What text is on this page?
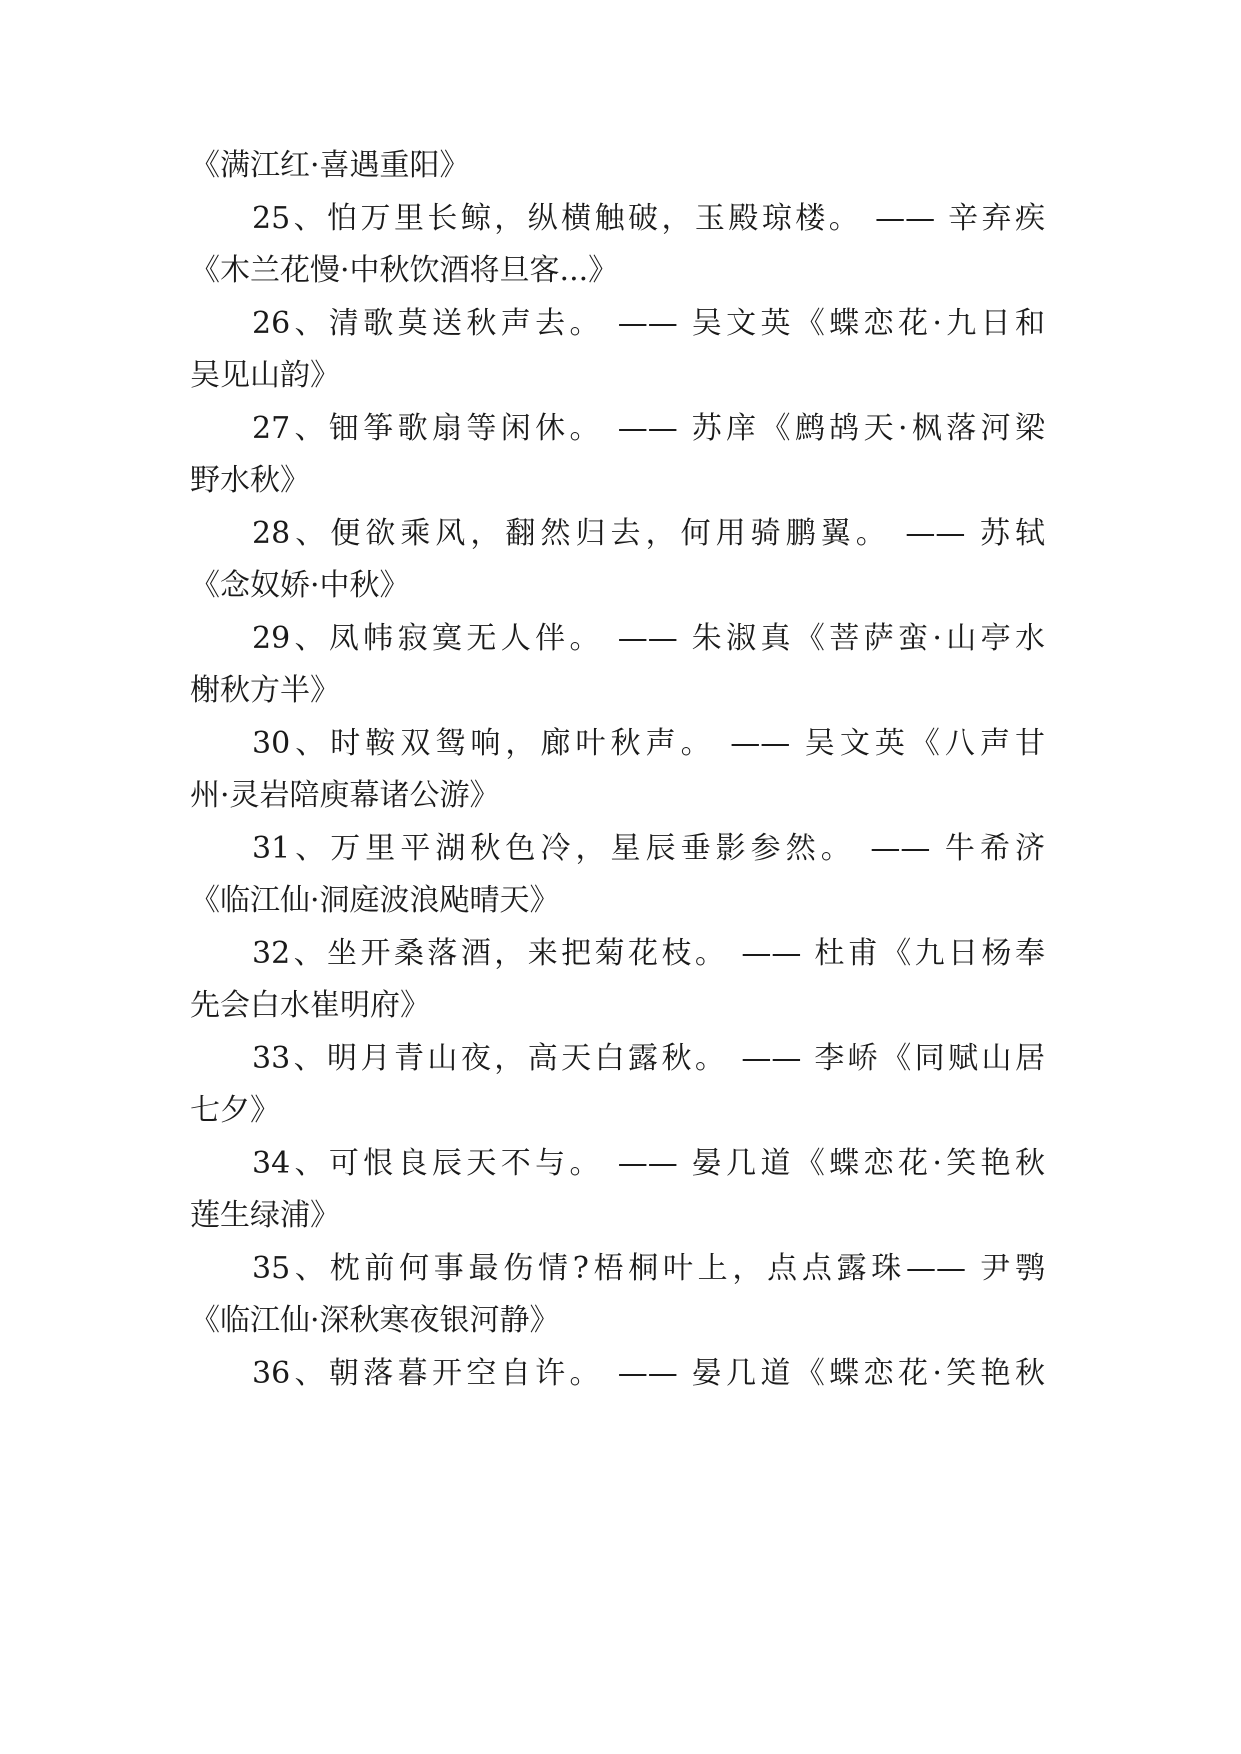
《满江红·喜遇重阳》
25、怕万里长鲸，纵横触破，玉殿琼楼。 —— 辛弃疾
《木兰花慢·中秋饮酒将旦客...》
26、清歌莫送秋声去。 —— 吴文英《蝶恋花·九日和
吴见山韵》
27、钿筝歌扇等闲休。 —— 苏庠《鹧鸪天·枫落河梁
野水秋》
28、便欲乘风，翻然归去，何用骑鹏翼。 —— 苏轼
《念奴娇·中秋》
29、凤帏寂寞无人伴。 —— 朱淑真《菩萨蛮·山亭水
榭秋方半》
30、时鞍双鸳响，廊叶秋声。 —— 吴文英《八声甘
州·灵岩陪庾幕诸公游》
31、万里平湖秋色冷，星辰垂影参然。 —— 牛希济
《临江仙·洞庭波浪飐晴天》
32、坐开桑落酒，来把菊花枝。 —— 杜甫《九日杨奉
先会白水崔明府》
33、明月青山夜，高天白露秋。 —— 李峤《同赋山居
七夕》
34、可恨良辰天不与。 —— 晏几道《蝶恋花·笑艳秋
莲生绿浦》
35、枕前何事最伤情?梧桐叶上，点点露珠—— 尹鹗
《临江仙·深秋寒夜银河静》
36、朝落暮开空自许。 —— 晏几道《蝶恋花·笑艳秋
